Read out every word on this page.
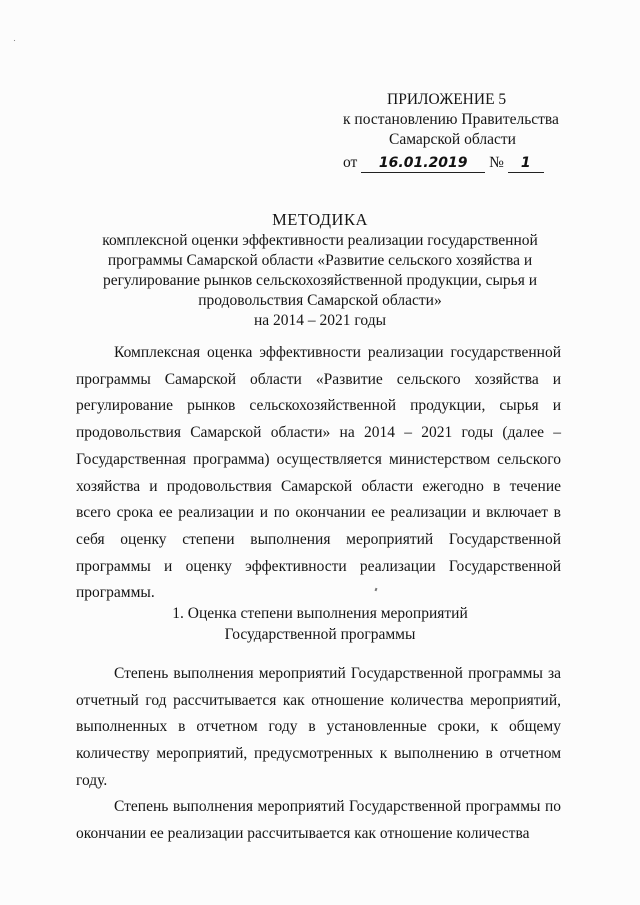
ПРИЛОЖЕНИЕ 5
к постановлению Правительства
Самарской области
от 16.01.2019 № 1
МЕТОДИКА
комплексной оценки эффективности реализации государственной
программы Самарской области «Развитие сельского хозяйства и
регулирование рынков сельскохозяйственной продукции, сырья и
продовольствия Самарской области»
на 2014 – 2021 годы

Комплексная оценка эффективности реализации государственной программы Самарской области «Развитие сельского хозяйства и регулирование рынков сельскохозяйственной продукции, сырья и продовольствия Самарской области» на 2014 – 2021 годы (далее – Государственная программа) осуществляется министерством сельского хозяйства и продовольствия Самарской области ежегодно в течение всего срока ее реализации и по окончании ее реализации и включает в себя оценку степени выполнения мероприятий Государственной программы и оценку эффективности реализации Государственной программы.

1. Оценка степени выполнения мероприятий
Государственной программы

Степень выполнения мероприятий Государственной программы за отчетный год рассчитывается как отношение количества мероприятий, выполненных в отчетном году в установленные сроки, к общему количеству мероприятий, предусмотренных к выполнению в отчетном году.

Степень выполнения мероприятий Государственной программы по окончании ее реализации рассчитывается как отношение количества
